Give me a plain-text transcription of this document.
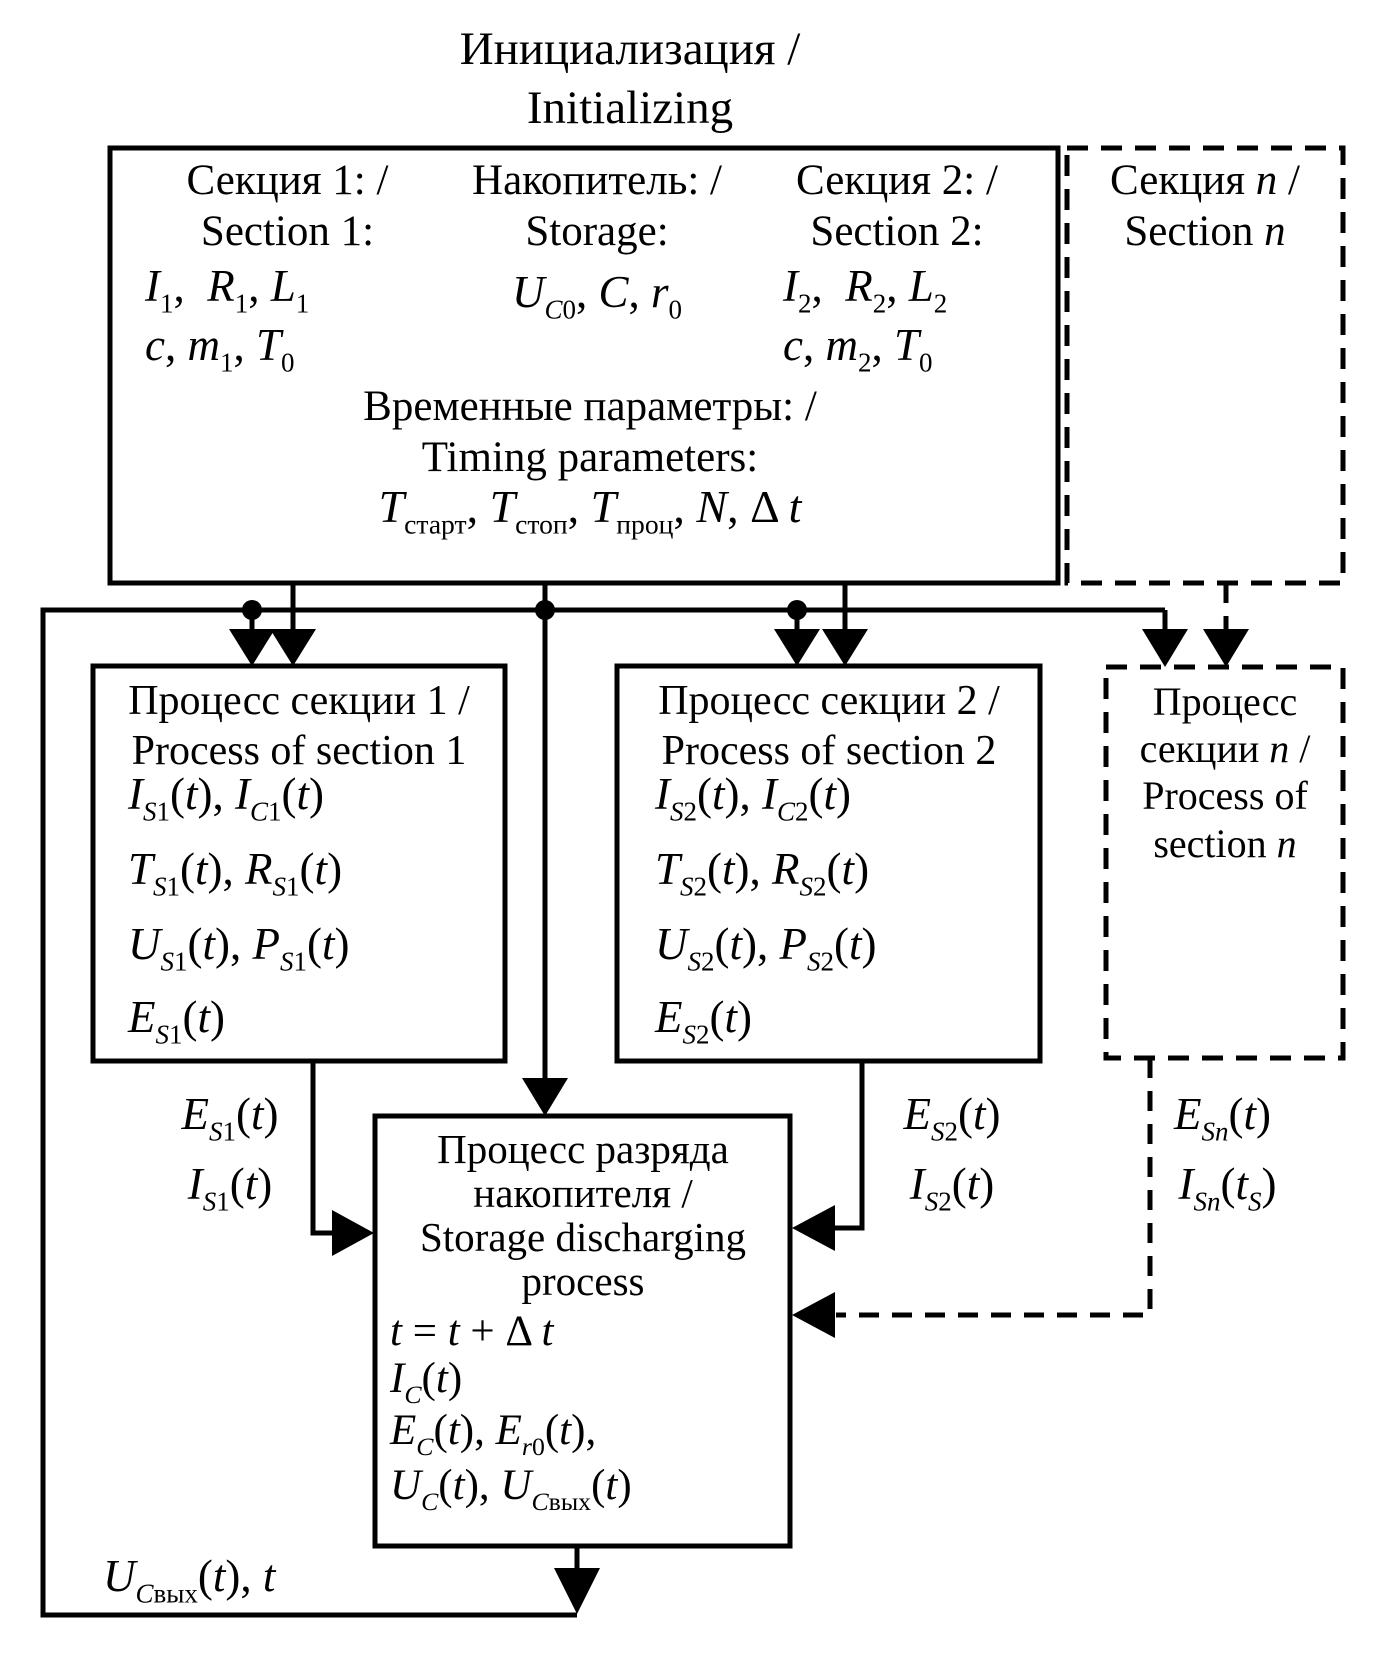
Инициализация /
Initializing
Секция 1: /
Section 1:
Накопитель: /
Storage:
Секция 2: /
Section 2:
$I_1$,  $R_1$, $L_1$
c, $m_1$, $T_0$
$U_{C0}$, C, $r_0$	$I_2$,  $R_2$, $L_2$
c, $m_2$, $T_0$
Временные параметры: /
Timing parameters:
$T_{старт}$, $T_{стоп}$, $T_{проц}$, N, Δ t
Секция n /
Section n
Процесс секции 1 /
Process of section 1
$I_{S1}(t)$, $I_{C1}(t)$
$T_{S1}(t)$, $R_{S1}(t)$
$U_{S1}(t)$, $P_{S1}(t)$
$E_{S1}(t)$
Процесс секции 2 /
Process of section 2
$I_{S2}(t)$, $I_{C2}(t)$
$T_{S2}(t)$, $R_{S2}(t)$
$U_{S2}(t)$, $P_{S2}(t)$
$E_{S2}(t)$
Процесс
секции n /
Process of
section n
Процесс разряда
накопителя /
Storage discharging
process
t = t + Δ t
$I_C(t)$
$E_C(t)$, $E_{r0}(t)$,
$U_C(t)$, $U_{Cвых}(t)$
$E_{S1}(t)$
$I_{S1}(t)$
$E_{S2}(t)$
$I_{S2}(t)$
$E_{Sn}(t)$
$I_{Sn}(t_S)$
$U_{Cвых}(t)$, t
